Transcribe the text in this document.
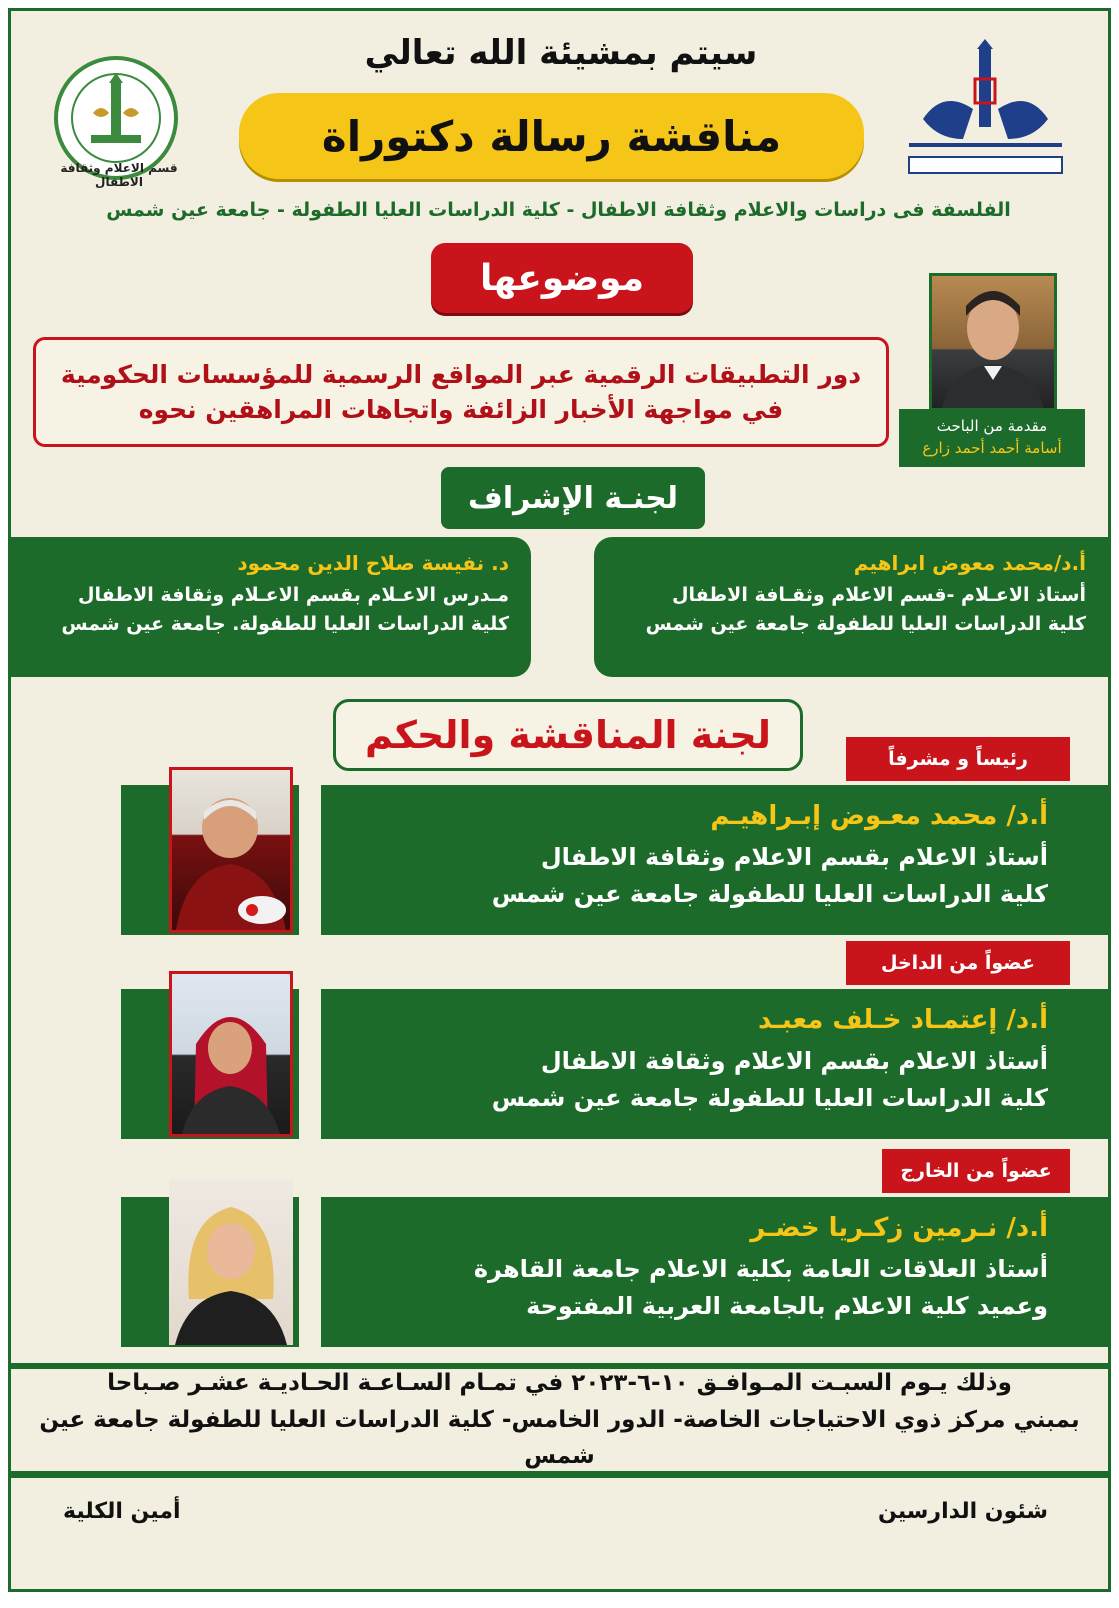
قسم الاعلام وثقافة الاطفال
سيتم بمشيئة الله تعالي
مناقشة رسالة دكتوراة
الفلسفة فى دراسات والاعلام وثقافة الاطفال - كلية الدراسات العليا الطفولة - جامعة عين شمس
موضوعها
دور التطبيقات الرقمية عبر المواقع الرسمية للمؤسسات الحكومية
في مواجهة الأخبار الزائفة واتجاهات المراهقين نحوه
مقدمة من الباحث
أسامة أحمد أحمد زارع
لجنـة الإشراف
أ.د/محمد معوض ابراهيم
أستاذ الاعـلام -قسم الاعلام وثقـافة الاطفال
كلية الدراسات العليا للطفولة جامعة عين شمس
د. نفيسة صلاح الدين محمود
مـدرس الاعـلام بقسم الاعـلام وثقافة الاطفال
كلية الدراسات العليا للطفولة. جامعة عين شمس
لجنة المناقشة والحكم
رئيساً و مشرفاً
أ.د/ محمد معـوض إبـراهيـم
أستاذ الاعلام بقسم الاعلام وثقافة الاطفال
كلية الدراسات العليا للطفولة جامعة عين شمس
عضواً من الداخل
أ.د/ إعتمـاد خـلف معبـد
أستاذ الاعلام بقسم الاعلام وثقافة الاطفال
كلية الدراسات العليا للطفولة جامعة عين شمس
عضواً من الخارج
أ.د/ نـرمين زكـريا خضـر
أستاذ العلاقات العامة بكلية الاعلام جامعة القاهرة
وعميد كلية الاعلام بالجامعة العربية المفتوحة
وذلك يـوم السبـت المـوافـق ١٠-٦-٢٠٢٣ في تمـام السـاعـة الحـاديـة عشـر صـباحا
بمبني مركز ذوي الاحتياجات الخاصة- الدور الخامس- كلية الدراسات العليا للطفولة جامعة عين شمس
شئون الدارسين
أمين الكلية
